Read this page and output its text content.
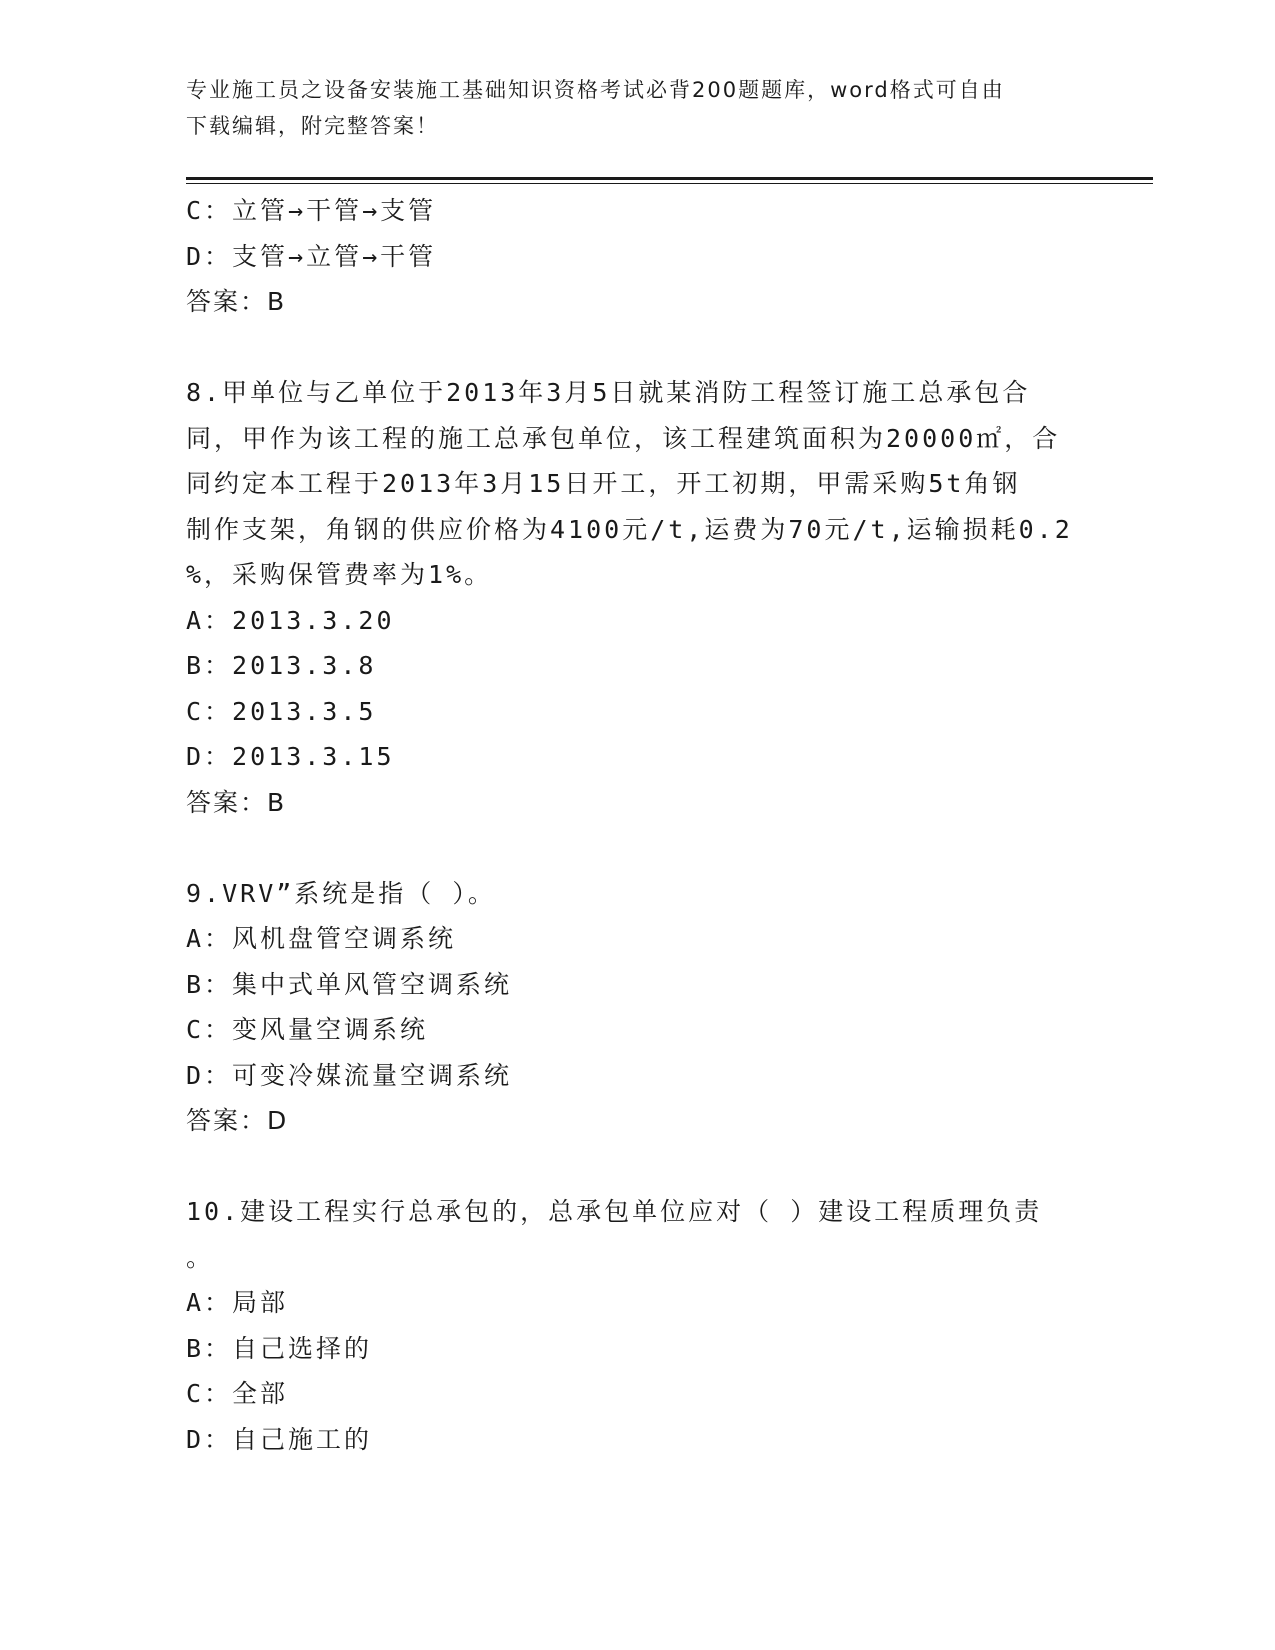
专业施工员之设备安装施工基础知识资格考试必背200题题库，word格式可自由
下载编辑，附完整答案！
C：立管→干管→支管
D：支管→立管→干管
答案：B
8.甲单位与乙单位于2013年3月5日就某消防工程签订施工总承包合
同，甲作为该工程的施工总承包单位，该工程建筑面积为20000㎡，合
同约定本工程于2013年3月15日开工，开工初期，甲需采购5t角钢
制作支架，角钢的供应价格为4100元/t,运费为70元/t,运输损耗0.2
%，采购保管费率为1%。
A：2013.3.20
B：2013.3.8
C：2013.3.5
D：2013.3.15
答案：B
9.VRV”系统是指（ ）。
A：风机盘管空调系统
B：集中式单风管空调系统
C：变风量空调系统
D：可变冷媒流量空调系统
答案：D
10.建设工程实行总承包的，总承包单位应对（ ）建设工程质理负责
。
A：局部
B：自己选择的
C：全部
D：自己施工的
